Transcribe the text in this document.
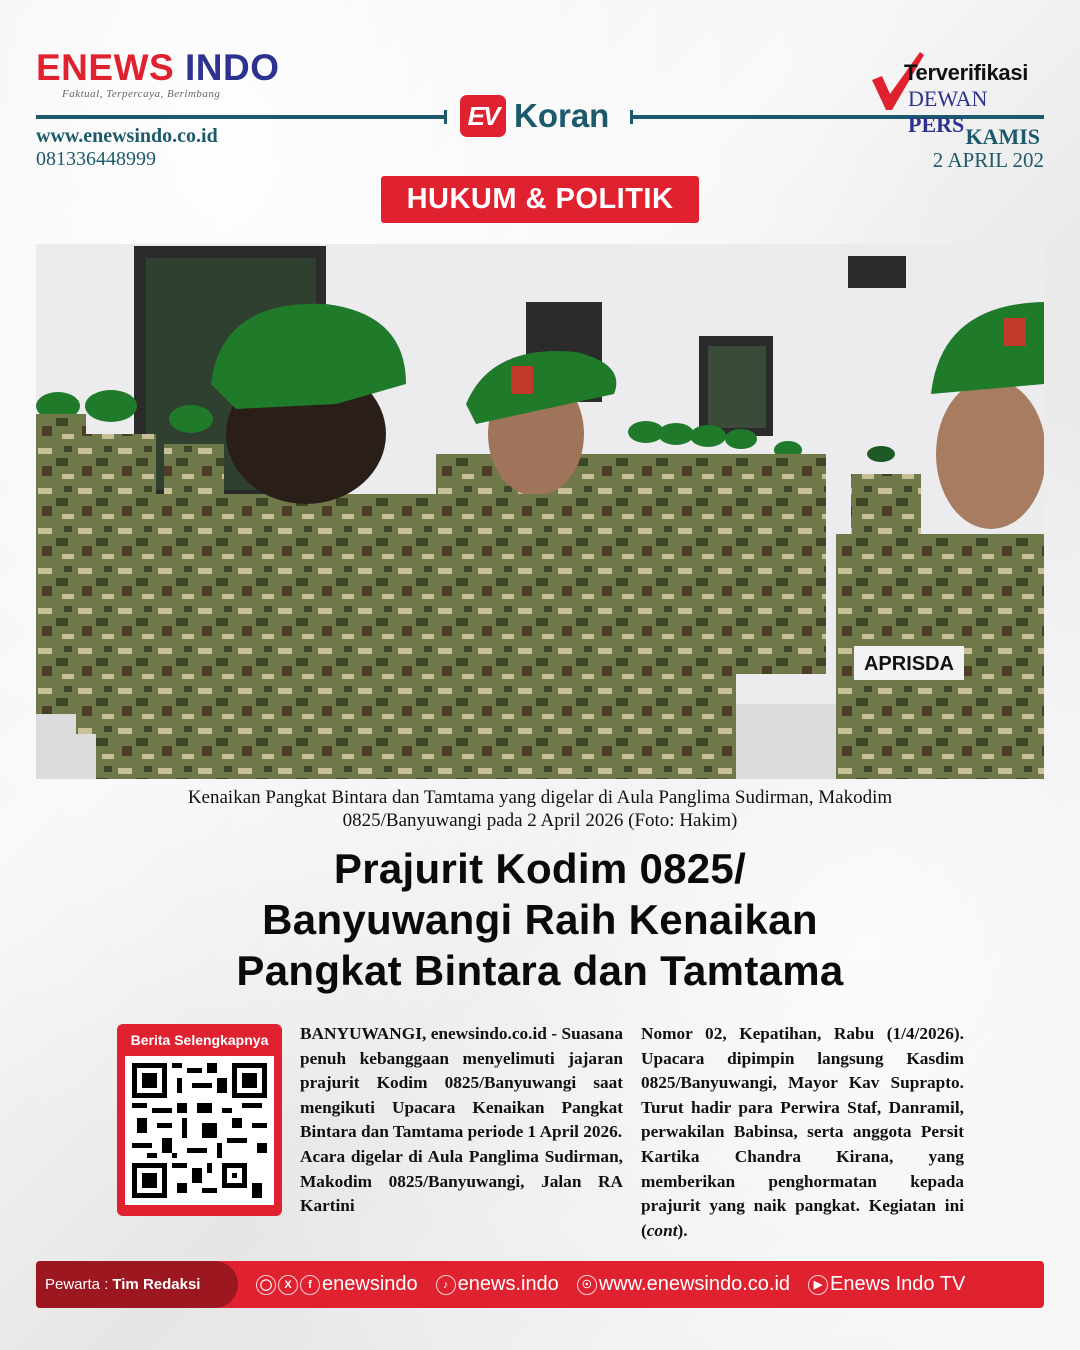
ENEWS INDO
Faktual, Terpercaya, Berimbang
www.enewsindo.co.id
081336448999
EV Koran
Terverifikasi
DEWAN PERS KAMIS
2 APRIL 202
HUKUM & POLITIK
APRISDA
Kenaikan Pangkat Bintara dan Tamtama yang digelar di Aula Panglima Sudirman, Makodim
0825/Banyuwangi pada 2 April 2026 (Foto: Hakim)
Prajurit Kodim 0825/
Banyuwangi Raih Kenaikan
Pangkat Bintara dan Tamtama
Berita Selengkapnya	BANYUWANGI, enewsindo.co.id - Suasana penuh kebanggaan menyelimuti jajaran prajurit Kodim 0825/Banyuwangi saat mengikuti Upacara Kenaikan Pangkat Bintara dan Tamtama periode 1 April 2026.

Acara digelar di Aula Panglima Sudirman, Makodim 0825/Banyuwangi, Jalan RA Kartini

Nomor 02, Kepatihan, Rabu (1/4/2026). Upacara dipimpin langsung Kasdim 0825/Banyuwangi, Mayor Kav Suprapto. Turut hadir para Perwira Staf, Danramil, perwakilan Babinsa, serta anggota Persit Kartika Chandra Kirana, yang memberikan penghormatan kepada prajurit yang naik pangkat. Kegiatan ini (cont).

Pewarta : Tim Redaksi	◯	X	f enewsindo	♪ enews.indo	☉ www.enewsindo.co.id	▶ Enews Indo TV
